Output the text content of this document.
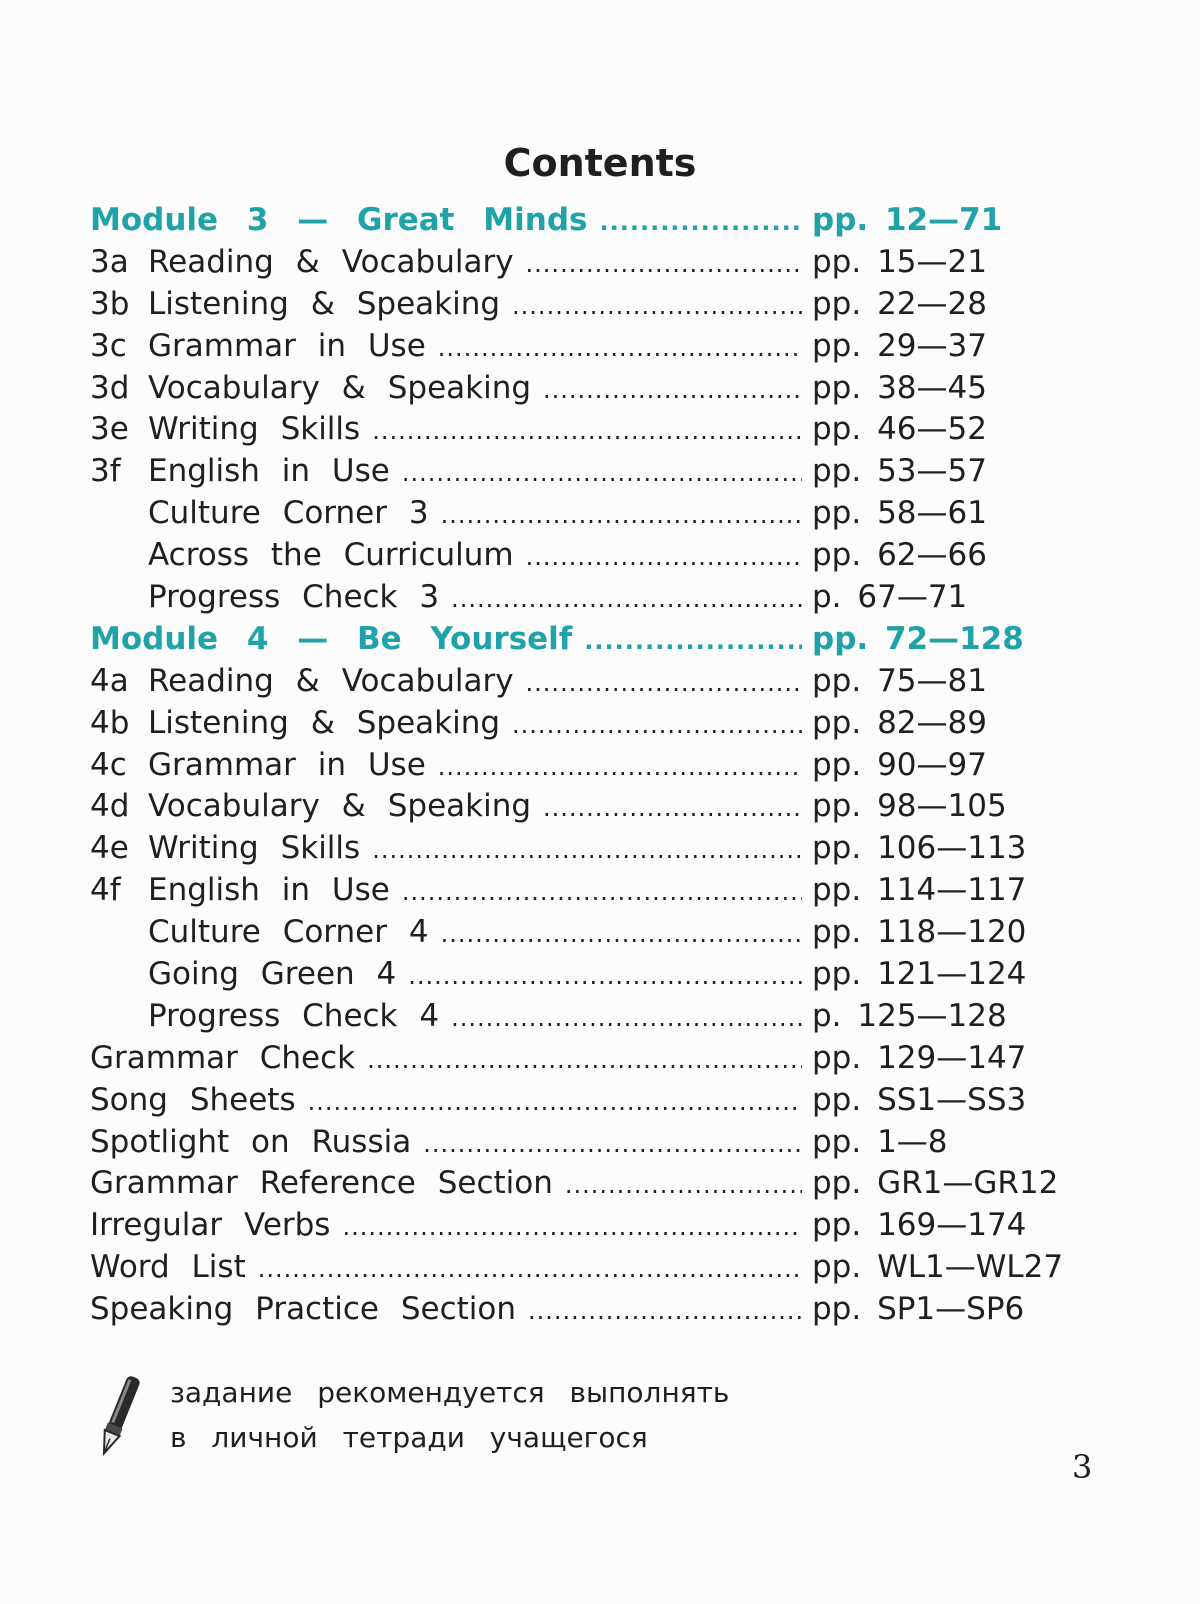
Contents
Module 3 — Great Minds .....	pp. 12—71
3a Reading & Vocabulary .....	pp. 15—21
3b Listening & Speaking .....	pp. 22—28
3c Grammar in Use .....	pp. 29—37
3d Vocabulary & Speaking .....	pp. 38—45
3e Writing Skills .....	pp. 46—52
3f English in Use .....	pp. 53—57
Culture Corner 3 .....	pp. 58—61
Across the Curriculum .....	pp. 62—66
Progress Check 3 .....	p. 67—71
Module 4 — Be Yourself .....	pp. 72—128
4a Reading & Vocabulary .....	pp. 75—81
4b Listening & Speaking .....	pp. 82—89
4c Grammar in Use .....	pp. 90—97
4d Vocabulary & Speaking .....	pp. 98—105
4e Writing Skills .....	pp. 106—113
4f English in Use .....	pp. 114—117
Culture Corner 4 .....	pp. 118—120
Going Green 4 .....	pp. 121—124
Progress Check 4 .....	p. 125—128
Grammar Check .....	pp. 129—147
Song Sheets .....	pp. SS1—SS3
Spotlight on Russia .....	pp. 1—8
Grammar Reference Section .....	pp. GR1—GR12
Irregular Verbs .....	pp. 169—174
Word List .....	pp. WL1—WL27
Speaking Practice Section .....	pp. SP1—SP6
задание рекомендуется выполнять
в личной тетради учащегося
3
